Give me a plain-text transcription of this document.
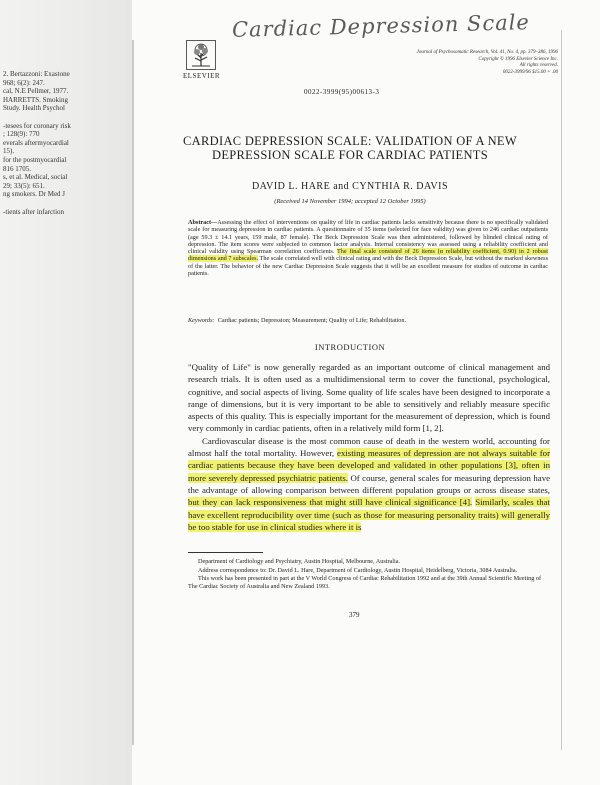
2. Bertazzoni: Exastone
968; 6(2): 247.
cal, N.E Pellmer, 1977.
HARRETTS. Smoking
Study. Health Psychol
-tesees for coronary risk
; 128(9): 770
everals aftermyocardial
15).
for the postmyocardial
816 1705.
s, et al. Medical, social
29; 33(5): 651.
ng smokers. Dr Med J
-tients after infarction
Cardiac Depression Scale
ELSEVIER
Journal of Psychosomatic Research, Vol. 41, No. 4, pp. 379–386, 1996
Copyright © 1996 Elsevier Science Inc.
All rights reserved.
0022-3999/96 $15.00 + .00
0022-3999(95)00613-3
CARDIAC DEPRESSION SCALE: VALIDATION OF A NEW
DEPRESSION SCALE FOR CARDIAC PATIENTS
DAVID L. HARE and CYNTHIA R. DAVIS
(Received 14 November 1994; accepted 12 October 1995)
Abstract—Assessing the effect of interventions on quality of life in cardiac patients lacks sensitivity because there is no specifically validated scale for measuring depression in cardiac patients. A questionnaire of 35 items (selected for face validity) was given to 246 cardiac outpatients (age 59.3 ± 14.1 years, 159 male, 87 female). The Beck Depression Scale was then administered, followed by blinded clinical rating of depression. The item scores were subjected to common factor analysis. Internal consistency was assessed using a reliability coefficient and clinical validity using Spearman correlation coefficients. The final scale consisted of 26 items (α reliability coefficient, 0.90) in 2 robust dimensions and 7 subscales. The scale correlated well with clinical rating and with the Beck Depression Scale, but without the marked skewness of the latter. The behavior of the new Cardiac Depression Scale suggests that it will be an excellent measure for studies of outcome in cardiac patients.
Keywords: Cardiac patients; Depression; Measurement; Quality of Life; Rehabilitation.
INTRODUCTION

"Quality of Life" is now generally regarded as an important outcome of clinical management and research trials. It is often used as a multidimensional term to cover the functional, psychological, cognitive, and social aspects of living. Some quality of life scales have been designed to incorporate a range of dimensions, but it is very important to be able to sensitively and reliably measure specific aspects of this quality. This is especially important for the measurement of depression, which is found very commonly in cardiac patients, often in a relatively mild form [1, 2].

Cardiovascular disease is the most common cause of death in the western world, accounting for almost half the total mortality. However, existing measures of depression are not always suitable for cardiac patients because they have been developed and validated in other populations [3], often in more severely depressed psychiatric patients. Of course, general scales for measuring depression have the advantage of allowing comparison between different population groups or across disease states, but they can lack responsiveness that might still have clinical significance [4]. Similarly, scales that have excellent reproducibility over time (such as those for measuring personality traits) will generally be too stable for use in clinical studies where it is

Department of Cardiology and Psychiatry, Austin Hospital, Melbourne, Australia.

Address correspondence to: Dr. David L. Hare, Department of Cardiology, Austin Hospital, Heidelberg, Victoria, 3084 Australia.

This work has been presented in part at the V World Congress of Cardiac Rehabilitation 1992 and at the 39th Annual Scientific Meeting of The Cardiac Society of Australia and New Zealand 1993.

379
